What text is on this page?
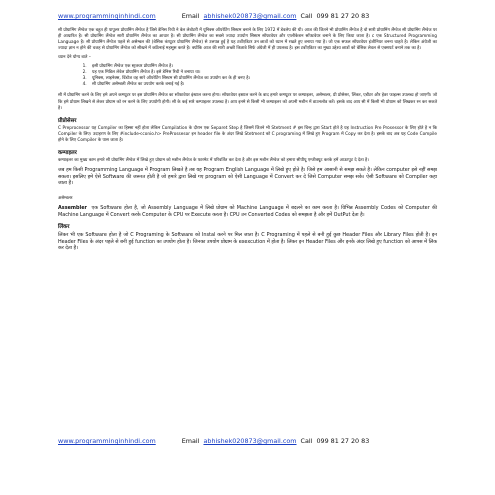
www.programminginhindi.com	Email abhishek020873@gmail.com Call 099 81 27 20 83

सी प्रोग्रामिंग लैंग्वेज एक बहुत ही पापुलर प्रोग्रामिंग लैंग्वेज है जिसे डेनिस रिची ने बेल लेबोटरी में यूनिक्स ऑपरेटिंग सिस्टम बनाने के लिए 1972 में डेवलेप की थी। आज की जितने भी प्रोग्रामिंग लैंग्वेज है वो सारी प्रोग्रामिंग लैंग्वेज सी प्रोग्रामिंग लैंग्वेज पर ही आधारित है। सी प्रोग्रामिंग लैंग्वेज सारी प्रोग्रामिंग लैंग्वेज का आधार है। सी प्रोग्रामिंग लैंग्वेज का सबसे ज्यादा उपयोग सिस्टम सॉफ्टवेयर और एप्लीकेशन सॉफ्टवेयर बनाने के लिए किया जाता है। c एक Structured Programming Language है। सी प्रोग्रामिंग लैंग्वेज पहले से असेम्बल की (बेसिक कंप्यूटर प्रोग्रामिंग लैंग्वेज) से उत्तपन्न हुई है यह टर्बोएडिटर उन छात्रों को ध्यान में रखते हुए बनाया गया है। जो एक सफल सॉफ्टवेयर इंजीनियर बनना चाहते है। लेकिन अंग्रेजी का ज्यादा ज्ञान न होने की वजह से प्रोग्रामिंग लैंग्वेज को सीखने में कठिनाई महसूस करते है। क्योंकि आज की सारी अच्छी किताबे सिर्फ अंग्रेजी में ही उपलब्ध है। इस टर्बोएडिटर का मुख्य उद्देश्य छात्रों को बेसिक लेवल से एक्सपर्ट बनाने तक का है।

ध्यान देने योग्य बाते –

1. इसी प्रोग्रामिंग लैंग्वेज एक स्ट्रक्चर प्रोग्रामिंग लैंग्वेज है।
2. यह एक मिडिल लेवेल प्रोग्रामिंग लैंग्वेज है। इसे डेनिस रिची ने बनाया था।
3. यूनिक्स, लाइनेक्स, विंडोज वह सारे ऑपरेटिंग सिस्टम सी प्रोग्रामिंग लैंग्वेज का उपयोग कर के ही बनए है।
4. सी प्रोग्रामिंग असेम्बली लैंग्वेज का उपयोग करके बनाई गई है।

सी में प्रोग्रामिंग करने के लिए हमे अपने कम्प्यूटर पर इस प्रोग्रामिंग लैंग्वेज का सॉफ्टवेयर इंस्टाल करना होगा। सॉफ्टवेयर इस्टाल करने के बाद हमारे कम्प्यूटर पर कम्पाइलर, असेम्बलर, प्री प्रोसेसर, लिंकर, एडीटर और हेडर फाइल्स उपलब्ध हो जाएगी। जो कि हमे प्रोग्राम लिखने से लेकर प्रोग्राम को रन करने के लिए उपयोगी होगी। सी के कई सारे कम्पाइलर उपलब्ध है। आप इनमे से किसी भी कम्पाइलर को अपनी मशीन में डाउनलोड करें। इसके बाद आप सी में किसी भी प्रोग्राम को लिखकर रन कर सकते है।

प्रीप्रोसेसर

C Preprocessor यह Compiler का हिस्सा नहीं होता लेकिन Compilation के दौरान एक Separet Step है जिसमें जितने भी Stetment # इस चिन्ह द्वारा Start होते है यह Instruction Pre Prosessor के लिए होते है न कि Compiler के लिए। उदाहरण के लिए #include<conio.h> PreProssesor इन header file के अंदर लिखे Stetment को C programing में लिखे हुए Program में Copy कर देता है। इसके बाद अब यह Code Compile होने के लिए Compiler के पास जाता है।

कम्पाइलर

कम्पाइलर का मुख्य काम हमारे सी प्रोग्रामिंग लैंग्वेज में लिखे हुए प्रोग्राम को मशीन लैंग्वेज के फारमेट में परिवर्तित कर देता है और इस मशीन लैंग्वेज को हमारा सीपीयू एग्जीक्यूट करके हमें आउटपुट दे देता है।

जब हम किसी Programming Language में Program लिखते है तब यह Program English Language में लिखे हुए होते है। जिसे हम आसानी से समझ सकते है। लेकिन computer इसे नहीं समझ सकता। इसलिए हमे ऐसे Software की जरूरत होती है जो हमारे द्वारा लिखे गए program को ऐसी Language में Convert कर दे जिसे Computer समझ सके। ऐसी Software को Compiler कहा जाता है।

असेम्बलर

Assembler एक Software होता है, जो Assembly Language में लिखे प्रोग्राम को Machine Language में बदलने का काम करता है। विभिन्न Assembly Codes को Computer की Machine Language में Convert करके Computer के CPU पर Execute करता है। CPU उन Converted Codes को समझता है और हमें OutPut देता है।

लिंकर

लिंकर भी एक Software होता है जो C Programing के Software को Instal करने पर मिल जाता है। C Programing में पहले से बनी हुई कुछ Header Files और Library Files होती है। इन Header Files के अंदर पहले से बनी हुई function का उपयोग होता है। जिनका उपयोग प्रोग्राम के exexcution में होता है। लिंकर इन Header Files और इनके अंदर लिखे हुए function को आपस में लिंक कर देता है।

www.programminginhindi.com	Email abhishek020873@gmail.com Call 099 81 27 20 83
